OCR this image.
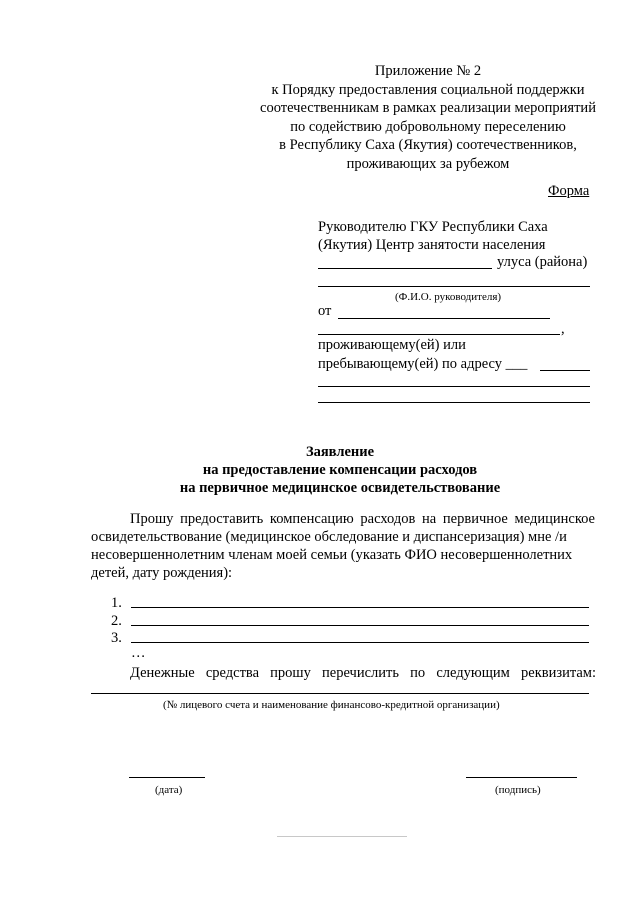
Приложение № 2
к Порядку предоставления социальной поддержки
соотечественникам в рамках реализации мероприятий
по содействию добровольному переселению
в Республику Саха (Якутия) соотечественников,
проживающих за рубежом
Форма
Руководителю ГКУ Республики Саха
(Якутия) Центр занятости населения
улуса (района)
(Ф.И.О. руководителя)
от
,
проживающему(ей) или
пребывающему(ей) по адресу ___
Заявление
на предоставление компенсации расходов
на первичное медицинское освидетельствование
Прошу предоставить компенсацию расходов на первичное медицинское
освидетельствование (медицинское обследование и диспансеризация) мне /и
несовершеннолетним членам моей семьи (указать ФИО несовершеннолетних
детей, дату рождения):
1.
2.
3.
…
Денежные средства прошу перечислить по следующим реквизитам:
(№ лицевого счета и наименование финансово-кредитной организации)
(дата)	(подпись)
